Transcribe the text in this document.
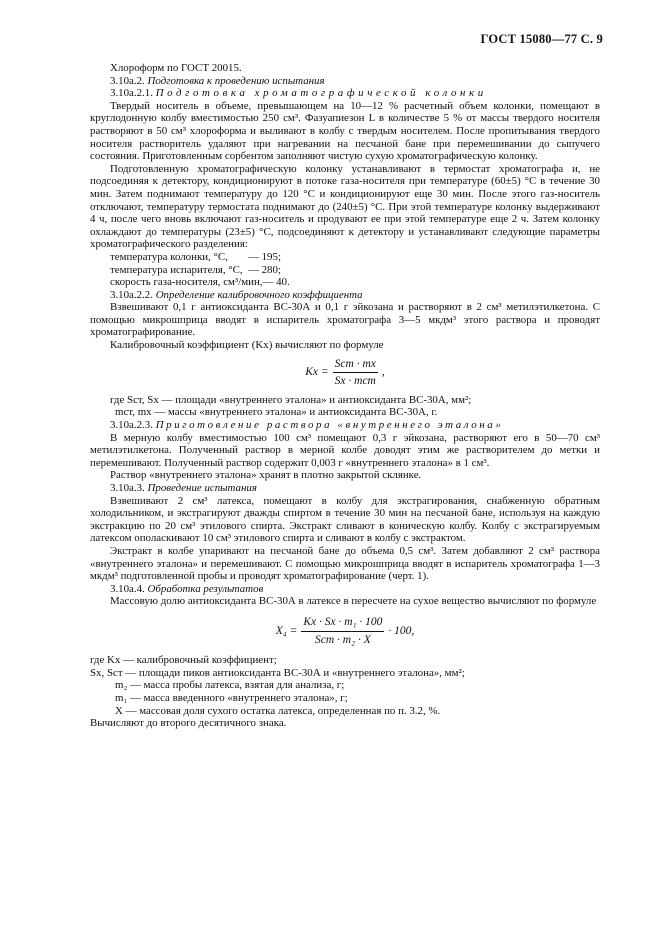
ГОСТ 15080—77 С. 9

Хлороформ по ГОСТ 20015.

3.10а.2. Подготовка к проведению испытания

3.10а.2.1. Подготовка хроматографической колонки

Твердый носитель в объеме, превышающем на 10—12 % расчетный объем колонки, помещают в круглодонную колбу вместимостью 250 см³. Фазуапиезон L в количестве 5 % от массы твердого носителя растворяют в 50 см³ хлороформа и выливают в колбу с твердым носителем. После пропитывания твердого носителя растворитель удаляют при нагревании на песчаной бане при перемешивании до сыпучего состояния. Приготовленным сорбентом заполняют чистую сухую хроматографическую колонку.

Подготовленную хроматографическую колонку устанавливают в термостат хроматографа и, не подсоединяя к детектору, кондиционируют в потоке газа-носителя при температуре (60±5) °С в течение 30 мин. Затем поднимают температуру до 120 °С и кондиционируют еще 30 мин. После этого газ-носитель отключают, температуру термостата поднимают до (240±5) °С. При этой температуре колонку выдерживают 4 ч, после чего вновь включают газ-носитель и продувают ее при этой температуре еще 2 ч. Затем колонку охлаждают до температуры (23±5) °С, подсоединяют к детектору и устанавливают следующие параметры хроматографического разделения:

температура колонки, °С,	— 195;
температура испарителя, °С, — 280;
скорость газа-носителя, см³/мин,— 40.

3.10а.2.2. Определение калибровочного коэффициента

Взвешивают 0,1 г антиоксиданта ВС-30А и 0,1 г эйкозана и растворяют в 2 см³ метилэтилкетона. С помощью микрошприца вводят в испаритель хроматографа 3—5 мкдм³ этого раствора и проводят хроматографирование.

Калибровочный коэффициент (Kх) вычисляют по формуле

Kх = $\frac{\text{Sст · mх}}{\text{Sх · mст}}$ ,
где Sст, Sх — площади «внутреннего эталона» и антиоксиданта ВС-30А, мм²;
mст, mх — массы «внутреннего эталона» и антиоксиданта ВС-30А, г.

3.10а.2.3. Приготовление раствора «внутреннего эталона»

В мерную колбу вместимостью 100 см³ помещают 0,3 г эйкозана, растворяют его в 50—70 см³ метилэтилкетона. Полученный раствор в мерной колбе доводят этим же растворителем до метки и перемешивают. Полученный раствор содержит 0,003 г «внутреннего эталона» в 1 см³.

Раствор «внутреннего эталона» хранят в плотно закрытой склянке.

3.10а.3. Проведение испытания

Взвешивают 2 см³ латекса, помещают в колбу для экстрагирования, снабженную обратным холодильником, и экстрагируют дважды спиртом в течение 30 мин на песчаной бане, используя на каждую экстракцию по 20 см³ этилового спирта. Экстракт сливают в коническую колбу. Колбу с экстрагируемым латексом ополаскивают 10 см³ этилового спирта и сливают в колбу с экстрактом.

Экстракт в колбе упаривают на песчаной бане до объема 0,5 см³. Затем добавляют 2 см³ раствора «внутреннего эталона» и перемешивают. С помощью микрошприца вводят в испаритель хроматографа 1—3 мкдм³ подготовленной пробы и проводят хроматографирование (черт. 1).

3.10а.4. Обработка результатов

Массовую долю антиоксиданта ВС-30А в латексе в пересчете на сухое вещество вычисляют по формуле

$X_4 = \frac{\text{Kх · Sх · m₁ · 100}}{\text{Sст · m₂ · X}} \cdot 100$,
где Kх — калибровочный коэффициент;
Sх, Sст — площади пиков антиоксиданта ВС-30А и «внутреннего эталона», мм²;
m₂ — масса пробы латекса, взятая для анализа, г;
m₁ — масса введенного «внутреннего эталона», г;
X — массовая доля сухого остатка латекса, определенная по п. 3.2, %.

Вычисляют до второго десятичного знака.
